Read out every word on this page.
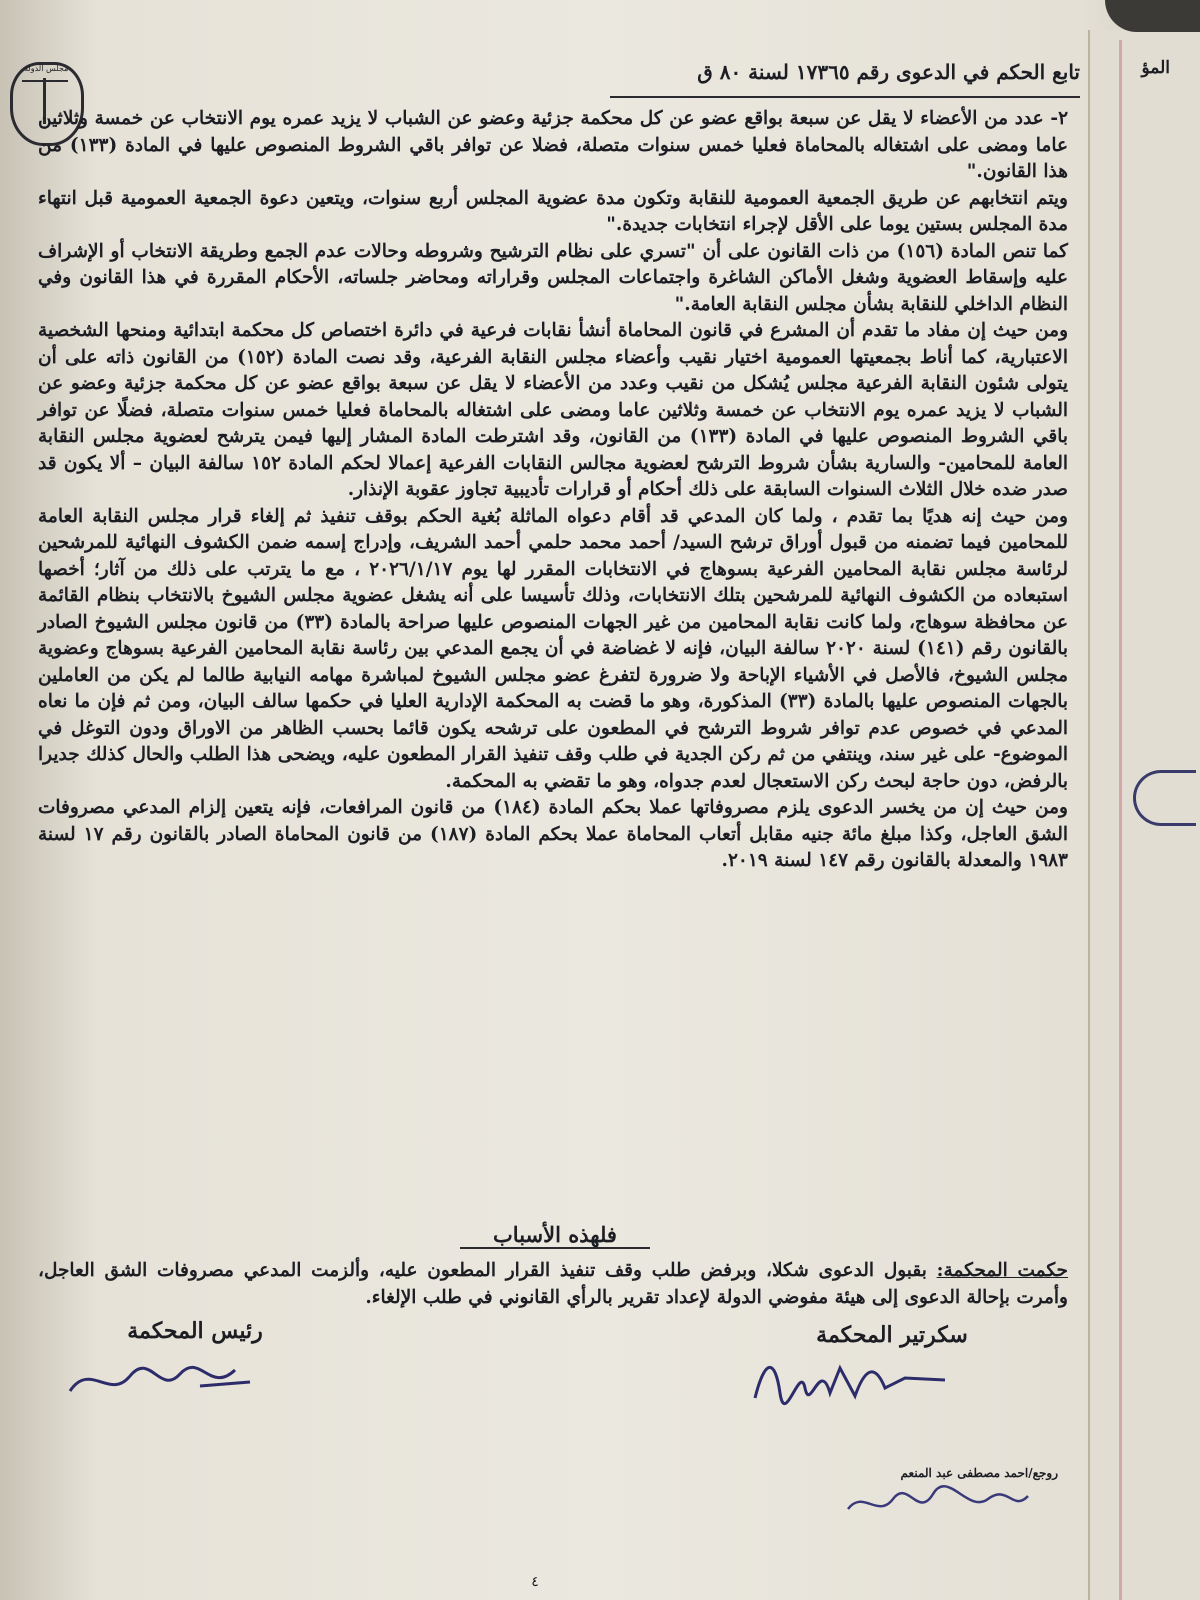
المؤ
مجلس الدولة	تابع الحكم في الدعوى رقم ١٧٣٦٥ لسنة ٨٠ ق

٢- عدد من الأعضاء لا يقل عن سبعة بواقع عضو عن كل محكمة جزئية وعضو عن الشباب لا يزيد عمره يوم الانتخاب عن خمسة وثلاثين عاما ومضى على اشتغاله بالمحاماة فعليا خمس سنوات متصلة، فضلا عن توافر باقي الشروط المنصوص عليها في المادة (١٣٣) من هذا القانون."

ويتم انتخابهم عن طريق الجمعية العمومية للنقابة وتكون مدة عضوية المجلس أربع سنوات، ويتعين دعوة الجمعية العمومية قبل انتهاء مدة المجلس بستين يوما على الأقل لإجراء انتخابات جديدة."

كما تنص المادة (١٥٦) من ذات القانون على أن "تسري على نظام الترشيح وشروطه وحالات عدم الجمع وطريقة الانتخاب أو الإشراف عليه وإسقاط العضوية وشغل الأماكن الشاغرة واجتماعات المجلس وقراراته ومحاضر جلساته، الأحكام المقررة في هذا القانون وفي النظام الداخلي للنقابة بشأن مجلس النقابة العامة."

ومن حيث إن مفاد ما تقدم أن المشرع في قانون المحاماة أنشأ نقابات فرعية في دائرة اختصاص كل محكمة ابتدائية ومنحها الشخصية الاعتبارية، كما أناط بجمعيتها العمومية اختيار نقيب وأعضاء مجلس النقابة الفرعية، وقد نصت المادة (١٥٢) من القانون ذاته على أن يتولى شئون النقابة الفرعية مجلس يُشكل من نقيب وعدد من الأعضاء لا يقل عن سبعة بواقع عضو عن كل محكمة جزئية وعضو عن الشباب لا يزيد عمره يوم الانتخاب عن خمسة وثلاثين عاما ومضى على اشتغاله بالمحاماة فعليا خمس سنوات متصلة، فضلًا عن توافر باقي الشروط المنصوص عليها في المادة (١٣٣) من القانون، وقد اشترطت المادة المشار إليها فيمن يترشح لعضوية مجلس النقابة العامة للمحامين- والسارية بشأن شروط الترشح لعضوية مجالس النقابات الفرعية إعمالا لحكم المادة ١٥٢ سالفة البيان – ألا يكون قد صدر ضده خلال الثلاث السنوات السابقة على ذلك أحكام أو قرارات تأديبية تجاوز عقوبة الإنذار.

ومن حيث إنه هديًا بما تقدم ، ولما كان المدعي قد أقام دعواه الماثلة بُغية الحكم بوقف تنفيذ ثم إلغاء قرار مجلس النقابة العامة للمحامين فيما تضمنه من قبول أوراق ترشح السيد/ أحمد محمد حلمي أحمد الشريف، وإدراج إسمه ضمن الكشوف النهائية للمرشحين لرئاسة مجلس نقابة المحامين الفرعية بسوهاج في الانتخابات المقرر لها يوم ٢٠٢٦/١/١٧ ، مع ما يترتب على ذلك من آثار؛ أخصها استبعاده من الكشوف النهائية للمرشحين بتلك الانتخابات، وذلك تأسيسا على أنه يشغل عضوية مجلس الشيوخ بالانتخاب بنظام القائمة عن محافظة سوهاج، ولما كانت نقابة المحامين من غير الجهات المنصوص عليها صراحة بالمادة (٣٣) من قانون مجلس الشيوخ الصادر بالقانون رقم (١٤١) لسنة ٢٠٢٠ سالفة البيان، فإنه لا غضاضة في أن يجمع المدعي بين رئاسة نقابة المحامين الفرعية بسوهاج وعضوية مجلس الشيوخ، فالأصل في الأشياء الإباحة ولا ضرورة لتفرغ عضو مجلس الشيوخ لمباشرة مهامه النيابية طالما لم يكن من العاملين بالجهات المنصوص عليها بالمادة (٣٣) المذكورة، وهو ما قضت به المحكمة الإدارية العليا في حكمها سالف البيان، ومن ثم فإن ما نعاه المدعي في خصوص عدم توافر شروط الترشح في المطعون على ترشحه يكون قائما بحسب الظاهر من الاوراق ودون التوغل في الموضوع- على غير سند، وينتفي من ثم ركن الجدية في طلب وقف تنفيذ القرار المطعون عليه، ويضحى هذا الطلب والحال كذلك جديرا بالرفض، دون حاجة لبحث ركن الاستعجال لعدم جدواه، وهو ما تقضي به المحكمة.

ومن حيث إن من يخسر الدعوى يلزم مصروفاتها عملا بحكم المادة (١٨٤) من قانون المرافعات، فإنه يتعين إلزام المدعي مصروفات الشق العاجل، وكذا مبلغ مائة جنيه مقابل أتعاب المحاماة عملا بحكم المادة (١٨٧) من قانون المحاماة الصادر بالقانون رقم ١٧ لسنة ١٩٨٣ والمعدلة بالقانون رقم ١٤٧ لسنة ٢٠١٩.

فلهذه الأسباب
حكمت المحكمة: بقبول الدعوى شكلا، وبرفض طلب وقف تنفيذ القرار المطعون عليه، وألزمت المدعي مصروفات الشق العاجل، وأمرت بإحالة الدعوى إلى هيئة مفوضي الدولة لإعداد تقرير بالرأي القانوني في طلب الإلغاء.
سكرتير المحكمة
رئيس المحكمة
روجع/احمد مصطفى عبد المنعم
٤
